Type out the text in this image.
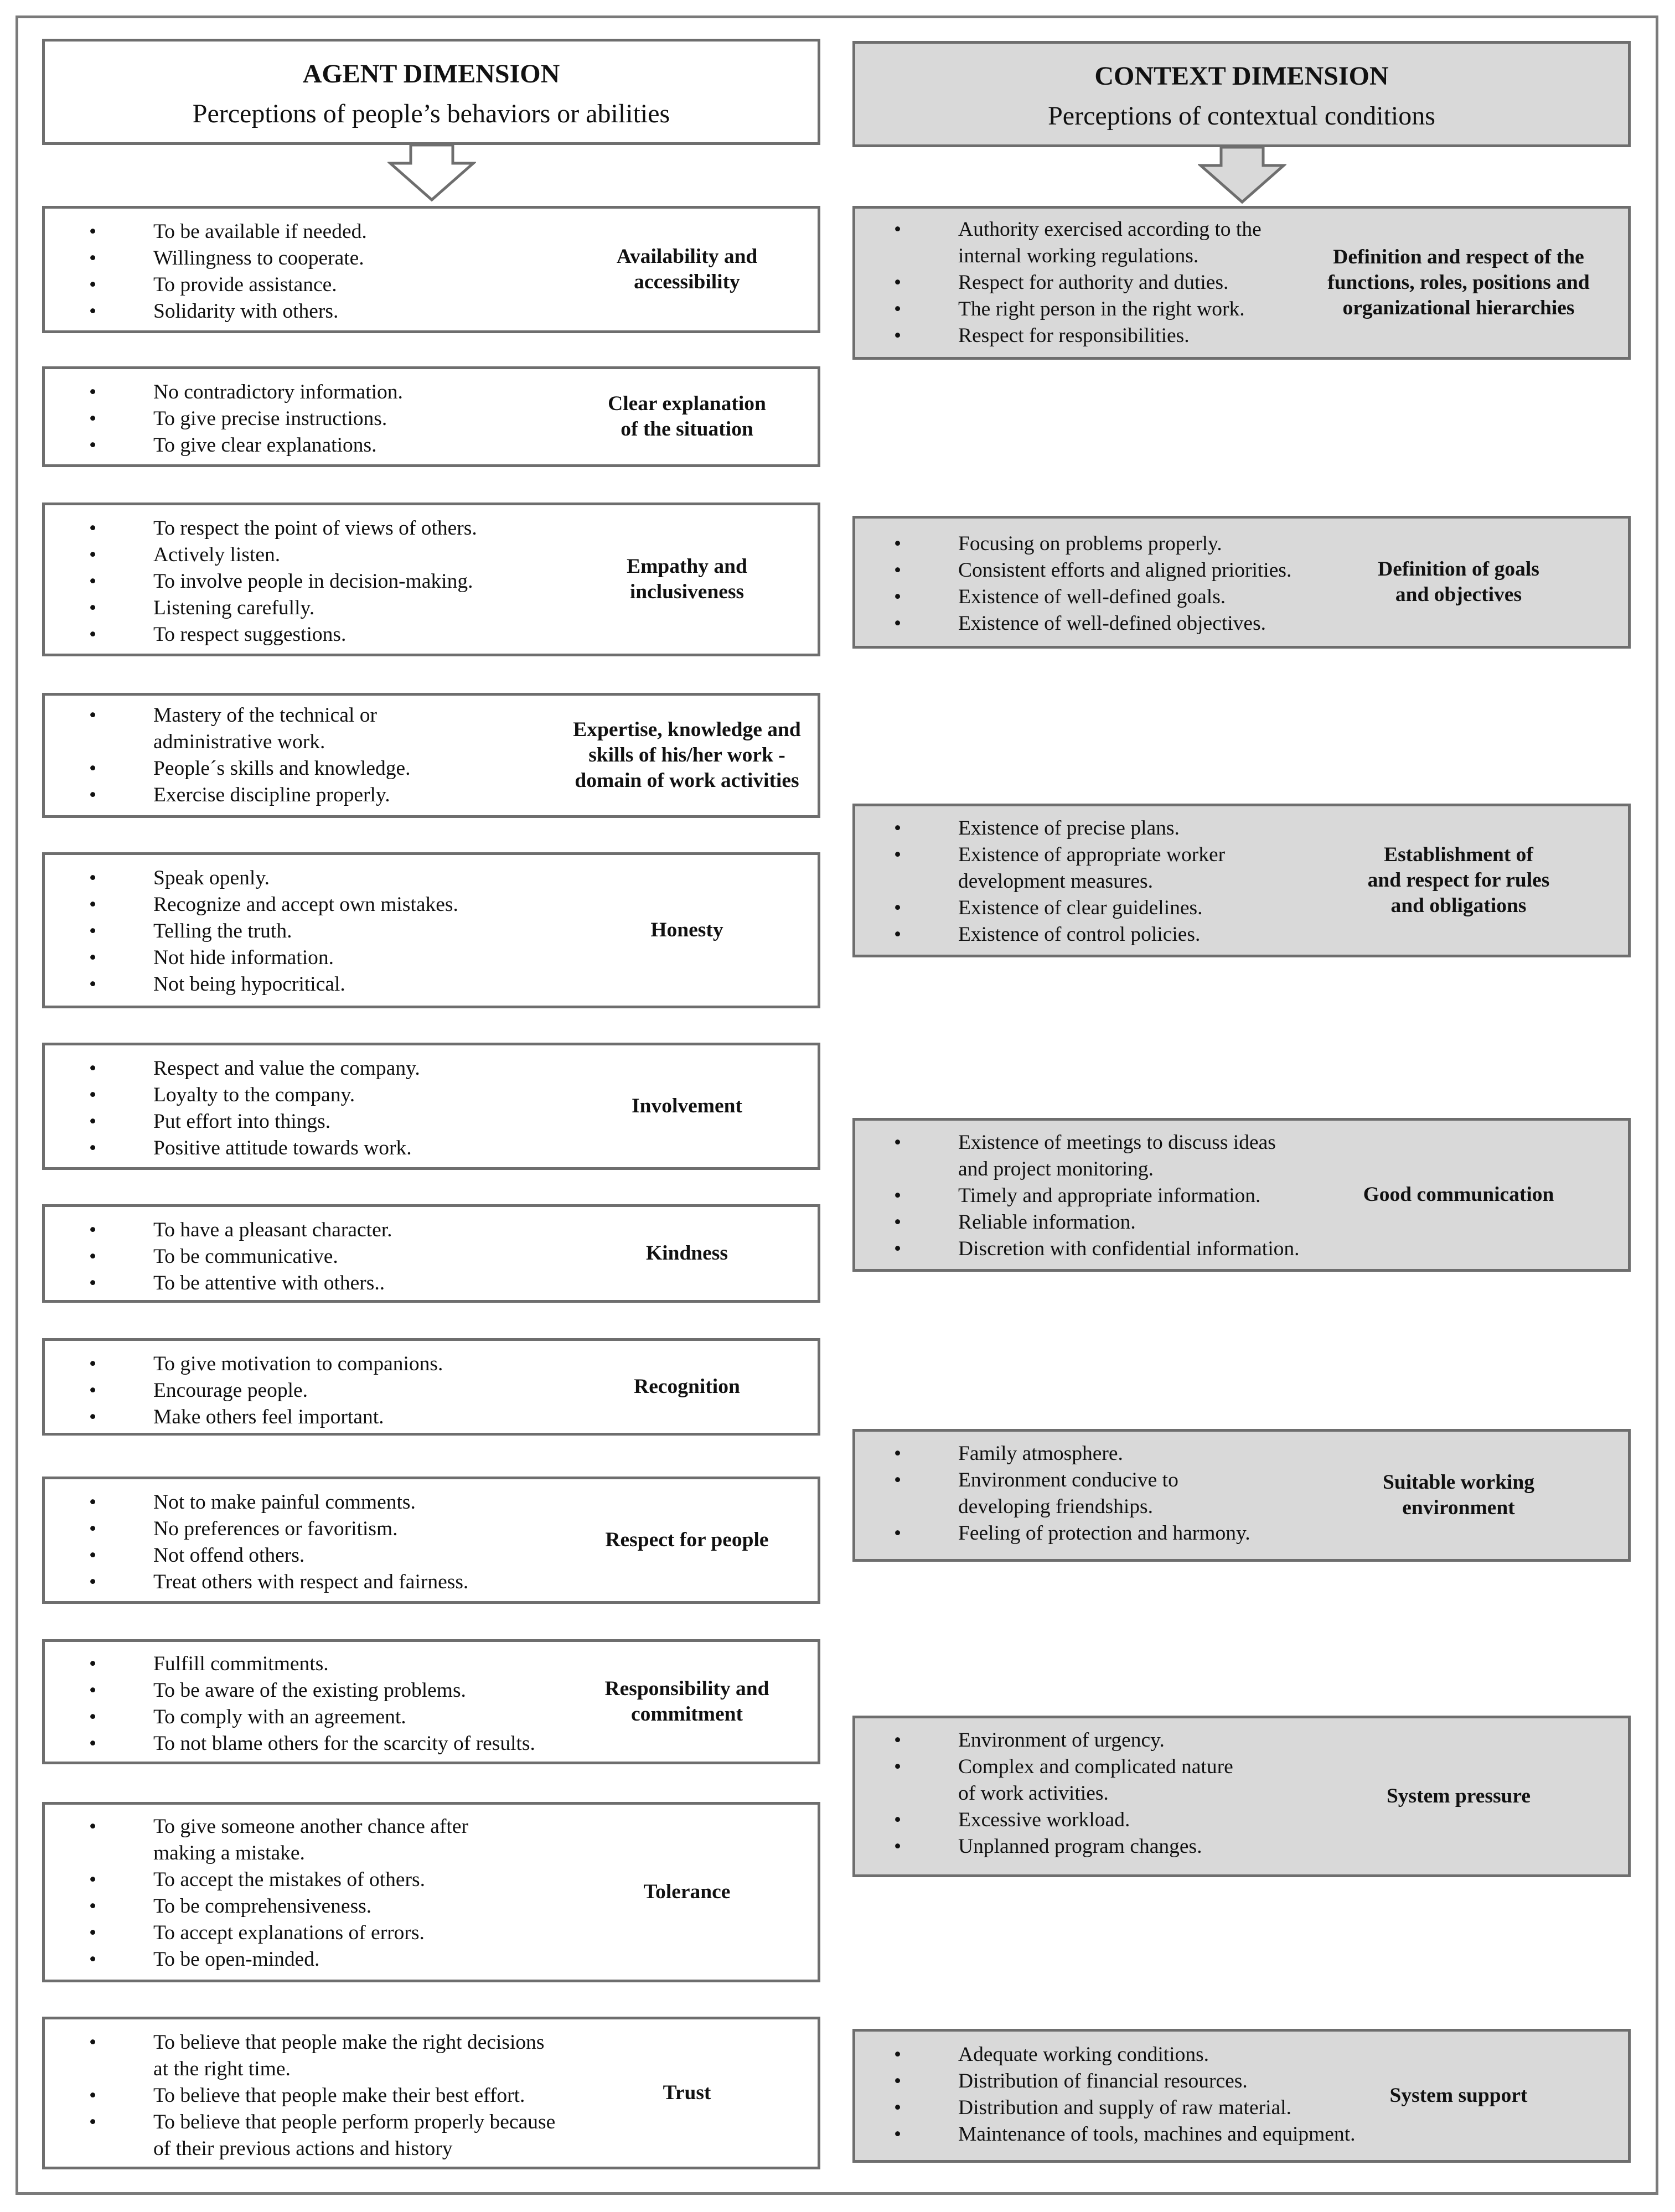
AGENT DIMENSION
Perceptions of people’s behaviors or abilities
CONTEXT DIMENSION
Perceptions of contextual conditions
• To be available if needed.
• Willingness to cooperate.
• To provide assistance.
• Solidarity with others.
Availability and
accessibility
• No contradictory information.
• To give precise instructions.
• To give clear explanations.
Clear explanation
of the situation
• To respect the point of views of others.
• Actively listen.
• To involve people in decision-making.
• Listening carefully.
• To respect suggestions.
Empathy and
inclusiveness
• Mastery of the technical or
administrative work.
• People´s skills and knowledge.
• Exercise discipline properly.
Expertise, knowledge and
skills of his/her work -
domain of work activities
• Speak openly.
• Recognize and accept own mistakes.
• Telling the truth.
• Not hide information.
• Not being hypocritical.
Honesty
• Respect and value the company.
• Loyalty to the company.
• Put effort into things.
• Positive attitude towards work.
Involvement
• To have a pleasant character.
• To be communicative.
• To be attentive with others..
Kindness
• To give motivation to companions.
• Encourage people.
• Make others feel important.
Recognition
• Not to make painful comments.
• No preferences or favoritism.
• Not offend others.
• Treat others with respect and fairness.
Respect for people
• Fulfill commitments.
• To be aware of the existing problems.
• To comply with an agreement.
• To not blame others for the scarcity of results.
Responsibility and
commitment
• To give someone another chance after
making a mistake.
• To accept the mistakes of others.
• To be comprehensiveness.
• To accept explanations of errors.
• To be open-minded.
Tolerance
• To believe that people make the right decisions
at the right time.
• To believe that people make their best effort.
• To believe that people perform properly because
of their previous actions and history
Trust
• Authority exercised according to the
internal working regulations.
• Respect for authority and duties.
• The right person in the right work.
• Respect for responsibilities.
Definition and respect of the
functions, roles, positions and
organizational hierarchies
• Focusing on problems properly.
• Consistent efforts and aligned priorities.
• Existence of well-defined goals.
• Existence of well-defined objectives.
Definition of goals
and objectives
• Existence of precise plans.
• Existence of appropriate worker
development measures.
• Existence of clear guidelines.
• Existence of control policies.
Establishment of
and respect for rules
and obligations
• Existence of meetings to discuss ideas
and project monitoring.
• Timely and appropriate information.
• Reliable information.
• Discretion with confidential information.
Good communication
• Family atmosphere.
• Environment conducive to
developing friendships.
• Feeling of protection and harmony.
Suitable working
environment
• Environment of urgency.
• Complex and complicated nature
of work activities.
• Excessive workload.
• Unplanned program changes.
System pressure
• Adequate working conditions.
• Distribution of financial resources.
• Distribution and supply of raw material.
• Maintenance of tools, machines and equipment.
System support
